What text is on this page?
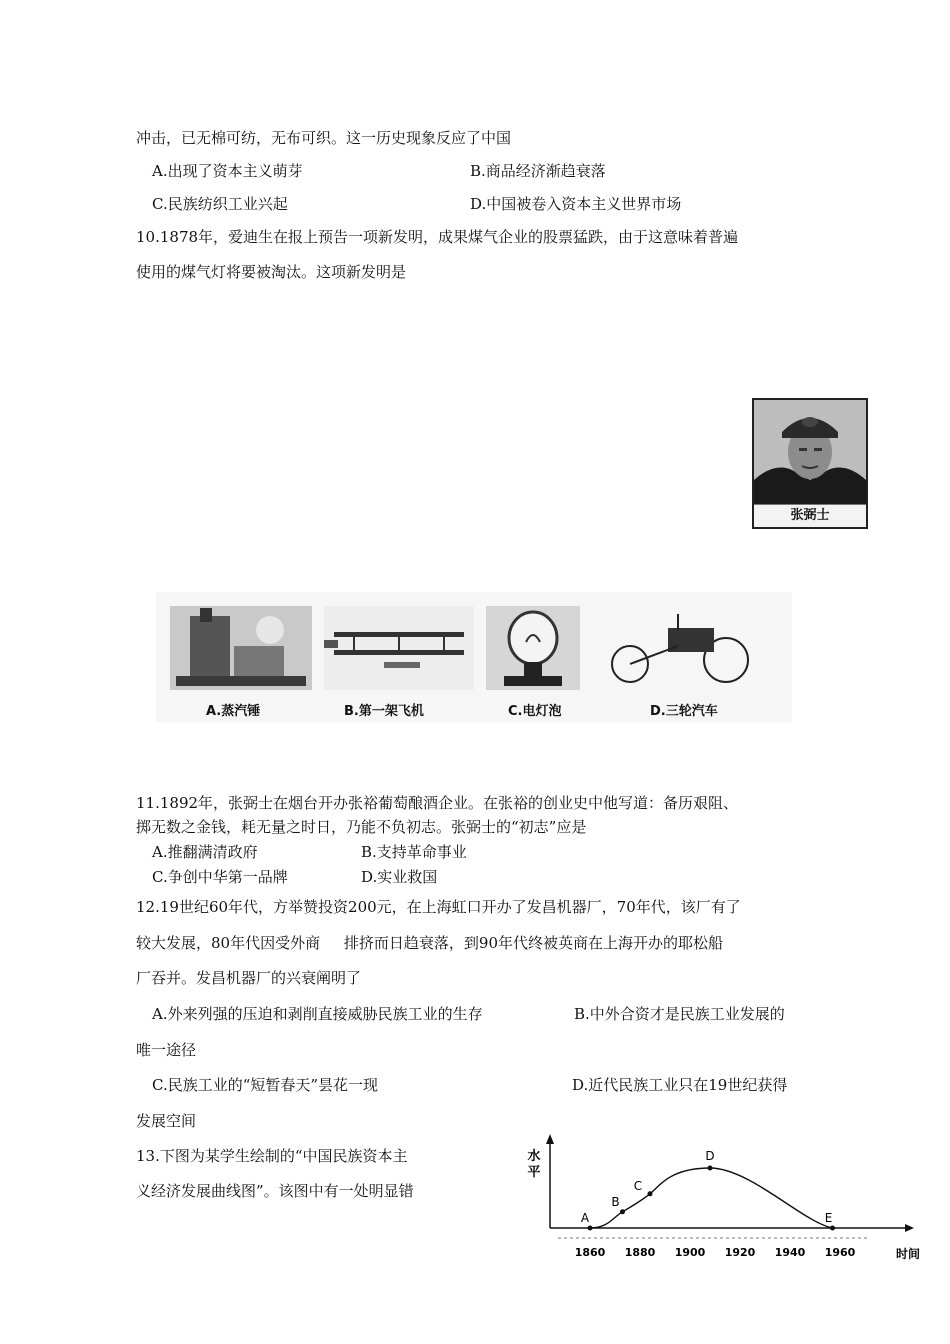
冲击，已无棉可纺，无布可织。这一历史现象反应了中国
A.出现了资本主义萌芽	B.商品经济渐趋衰落
C.民族纺织工业兴起	D.中国被卷入资本主义世界市场
10.1878年，爱迪生在报上预告一项新发明，成果煤气企业的股票猛跌，由于这意味着普遍
使用的煤气灯将要被淘汰。这项新发明是
张弼士
A.蒸汽锤	B.第一架飞机	C.电灯泡	D.三轮汽车
11.1892年，张弼士在烟台开办张裕葡萄酿酒企业。在张裕的创业史中他写道：备历艰阻、
掷无数之金钱，耗无量之时日，乃能不负初志。张弼士的“初志”应是
A.推翻满清政府	B.支持革命事业
C.争创中华第一品牌	D.实业救国
12.19世纪60年代，方举赞投资200元，在上海虹口开办了发昌机器厂，70年代，该厂有了
较大发展，80年代因受外商     排挤而日趋衰落，到90年代终被英商在上海开办的耶松船
厂吞并。发昌机器厂的兴衰阐明了
A.外来列强的压迫和剥削直接威胁民族工业的生存	B.中外合资才是民族工业发展的
唯一途径
C.民族工业的“短暂春天”昙花一现	D.近代民族工业只在19世纪获得
发展空间
13.下图为某学生绘制的“中国民族资本主
义经济发展曲线图”。该图中有一处明显错
水
平
1860 1880 1900 1920 1940 1960	时间
A
B
C
D
E
